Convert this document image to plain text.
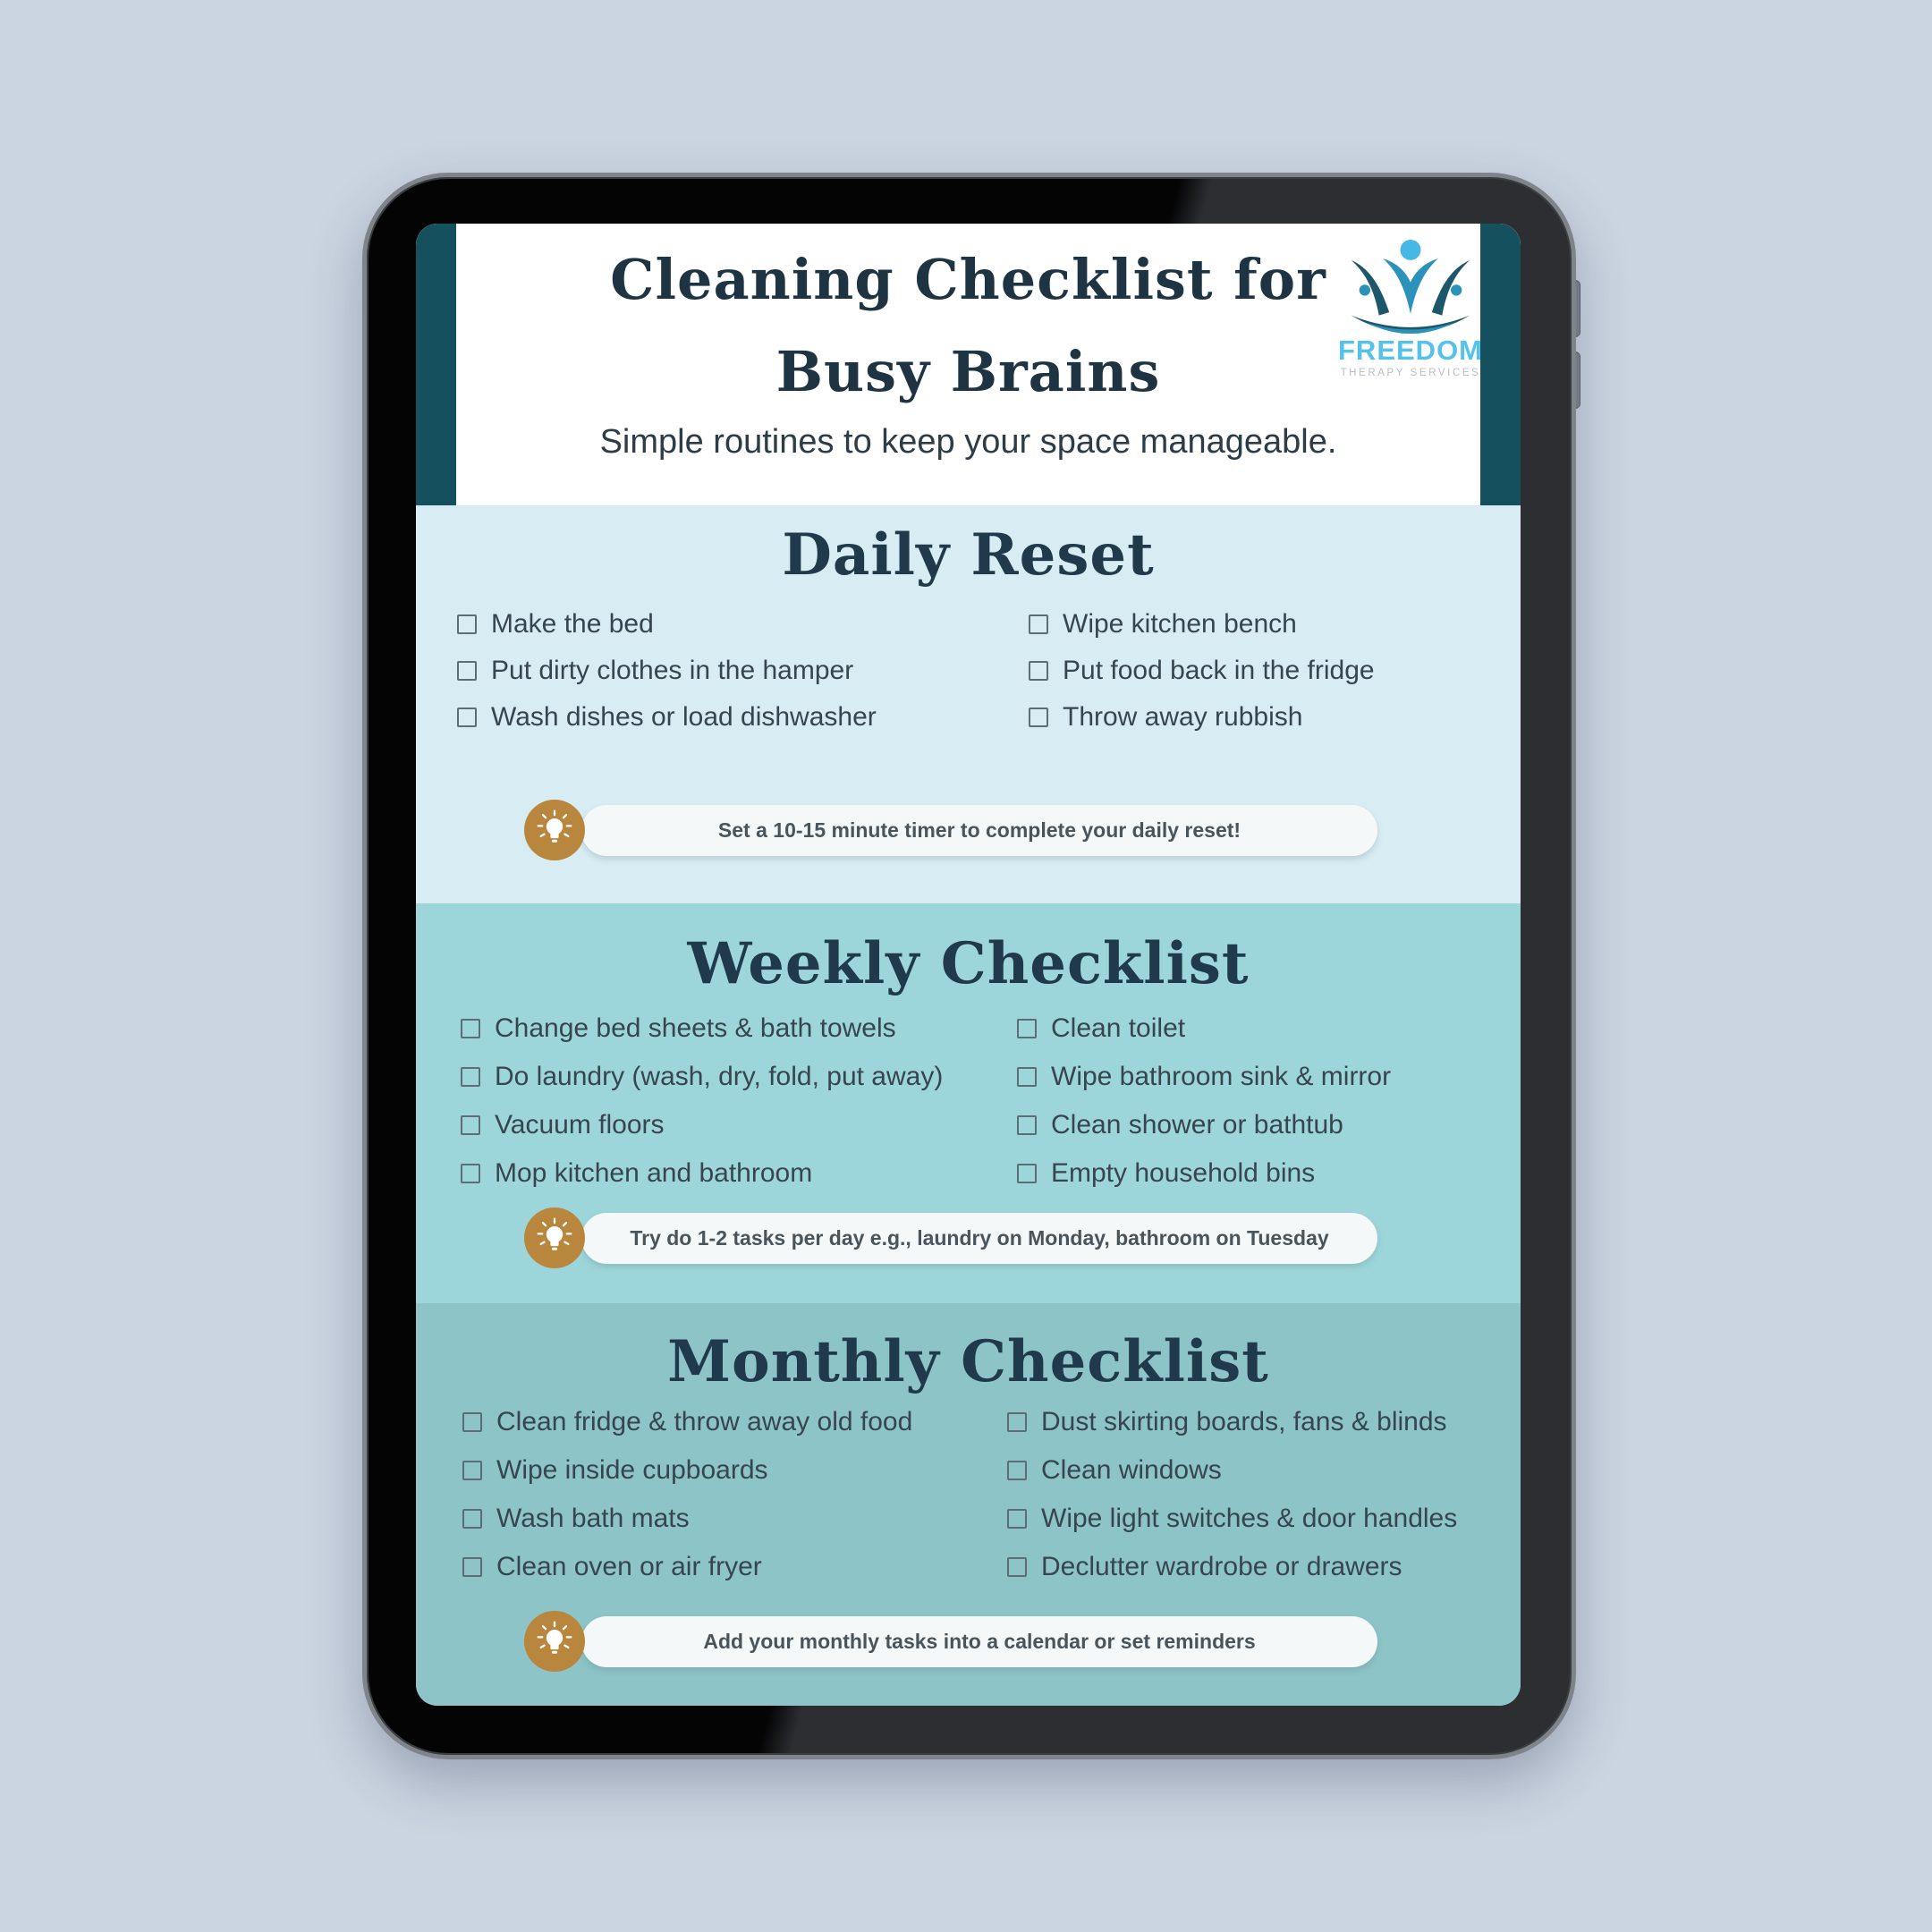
Cleaning Checklist for
Busy Brains
Simple routines to keep your space manageable.
FREEDOM
THERAPY SERVICES
Daily Reset
Make the bed
Put dirty clothes in the hamper
Wash dishes or load dishwasher
Wipe kitchen bench
Put food back in the fridge
Throw away rubbish
Set a 10-15 minute timer to complete your daily reset!
Weekly Checklist
Change bed sheets & bath towels
Do laundry (wash, dry, fold, put away)
Vacuum floors
Mop kitchen and bathroom
Clean toilet
Wipe bathroom sink & mirror
Clean shower or bathtub
Empty household bins
Try do 1-2 tasks per day e.g., laundry on Monday, bathroom on Tuesday
Monthly Checklist
Clean fridge & throw away old food
Wipe inside cupboards
Wash bath mats
Clean oven or air fryer
Dust skirting boards, fans & blinds
Clean windows
Wipe light switches & door handles
Declutter wardrobe or drawers
Add your monthly tasks into a calendar or set reminders
